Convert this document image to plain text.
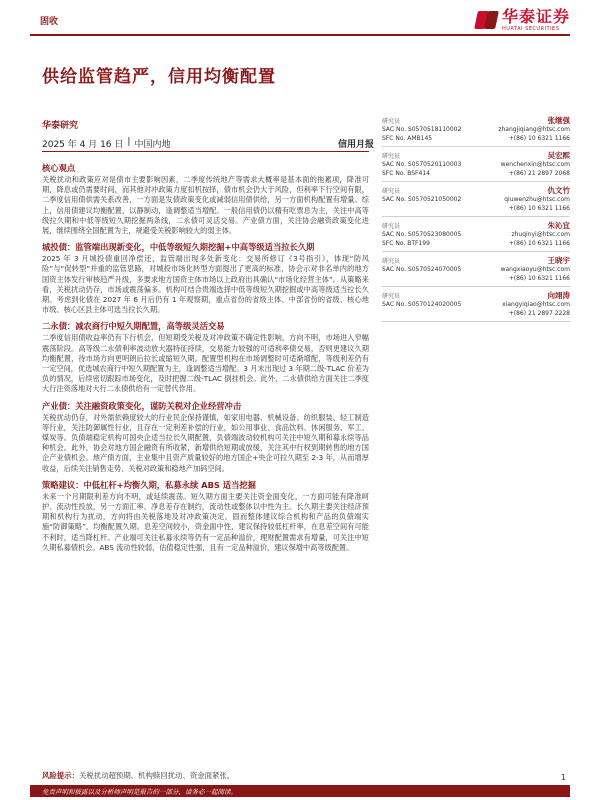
固收	华泰证券
HUATAI SECURITIES
供给监管趋严，信用均衡配置
华泰研究
2025 年 4 月 16 日 | 中国内地	信用月报
核心观点

关税扰动和政策应对是债市主要影响因素，二季度传统地产等需求大概率是基本面的拖累项，降准可期，降息或仍需要时间，而其他对冲政策力度扣机按择，债市机会仍大于风险，但利率下行空间有限，二季度信用债供需关系改善，一方面是发债政策变化或减弱信用债供给，另一方面机构配置有增量。综上，信用债建议均衡配置，以静制动，逢调整适当增配。一般信用债仍以精有吃票息为主，关注中高等级拉久期和中低等级短久期挖掘两条线，二永债可灵活交易。产业债方面，关注协会融资政策变化进展，继续围绕全国配置为主，规避受关税影响较大的弱主体。

城投债：监管端出现新变化，中低等级短久期挖掘+中高等级适当拉长久期

2025 年 3 月城投债重回净偿还，监管端出现多处新变化：交易所修订《3号指引》，体现“防风险”与“促转型”并重的监管思路，对城投市场化转型方面提出了更高的标准，协会示对非名单内的地方国资主体发行审核趋严升级，多要求地方国资主体市场以上政府出具确认“市场化经营主体”。从策略来看，关税扰动仍存，市场或震荡偏多。机构可结合贵端选择中低等级短久期挖掘或中高等级适当拉长久期。考虑到化债在 2027 年 6 月后仍有 1 年观察期，重点省份的省级主体、中部省份的省级、核心地市级、核心区县主体可选当拉长久期。

二永债：减农商行中短久期配置，高等级灵活交易

二季度信用债收益率仍有下行机会，但短期受关税及对冲政策不确定性影响，方向不明，市场进入窄幅震荡阶段。高等级二永债利率波动放大器特征持续，交易能力较强的可适利率债交易，否则更建议久期均衡配置，待市场方向更明朗后拉长或缩短久期。配置型机构在市场调整时可适渐增配，等级利差仍有一定空间，优选城农商行中短久期配置为主，逢调整适当增配。3 月末出现过 3 年期二级-TLAC 价差为负的情况，后续密切跟踪市场变化，及时把握二级-TLAC 倒挂机会。此外，二永债供给方面关注二季度大行注资落地对大行二永债供给有一定替代作用。

产业债：关注融资政策变化，谨防关税对企业经营冲击

关税扰动仍存，对外需依赖度较大的行业民企保持谨慎，如家用电器、机械设备、纺织服装、轻工制造等行业，关注防御属性行业，且存在一定利差补偿的行业，如公用事业、食品饮料、休闲服务、军工、煤炭等。负债端稳定机构可国央企适当拉长久期配置，负债端波动较机构可关注中短久期和募永续等品种机会。此外，协会对地方国企融资有所收紧，新增供给短期或放缓，关注其中行权到期转售的地方国企产业债机会。地产债方面，主业集中且资产质量较好的地方国企+央企可拉久期至 2-3 年，从而增厚收益，后续关注销售走势、关税对政策和稳地产加码空间。

策略建议：中低杠杆+均衡久期，私募永续 ABS 适当挖掘

未来一个月期限利差方向不明，或延续震荡。短久期方面主要关注资金面变化，一方面可能有降准呵护、流动性投放，另一方面汇率、净息差存在制约，流动性或整体以中性为主。长久期主要关注经济预期和机构行为扰动，方向将由关税落地及对冲政策决定。固而整体建议综合机构和产品的负债端实施“防御策略”，均衡配置久期。息差空间较小，资金面中性，建议保持较低杠杆率，在息差空间有可能不利时，适当降杠杆。产业端可关注私募永续等仍有一定品种溢价，理财配置需求有增量，可关注中短久期私募债机会。ABS 流动性较弱，估值稳定性强，且有一定品种溢价，建议保增中高等级配置。

风险提示：关税扰动超预期、机构赎回扰动、资金面紧张。	1
免责声明和披露以及分析师声明是报告的一部分，请务必一起阅读。
研究员	张继强
SAC No. S0570518110002	zhangjiqiang@htsc.com
SFC No. AMB145	+(86) 10 6321 1166
研究员	吴宏熙
SAC No. S0570520110003	wenchenxin@htsc.com
SFC No. BSF414	+(86) 21 2897 2068
研究员	仇文竹
SAC No. S0570521050002	qiuwenzhu@htsc.com
+(86) 10 6321 1166
研究员	朱沁宜
SAC No. S0570523080005	zhuqinyi@htsc.com
SFC No. BTF199	+(86) 10 6321 1166
研究员	王晓宇
SAC No. S0570524070005	wangxiaoyu@htsc.com
+(86) 10 6321 1166
研究员	向翊涛
SAC No. S0570124020005	xiangyiqiao@htsc.com
+(86) 21 2897 2228
